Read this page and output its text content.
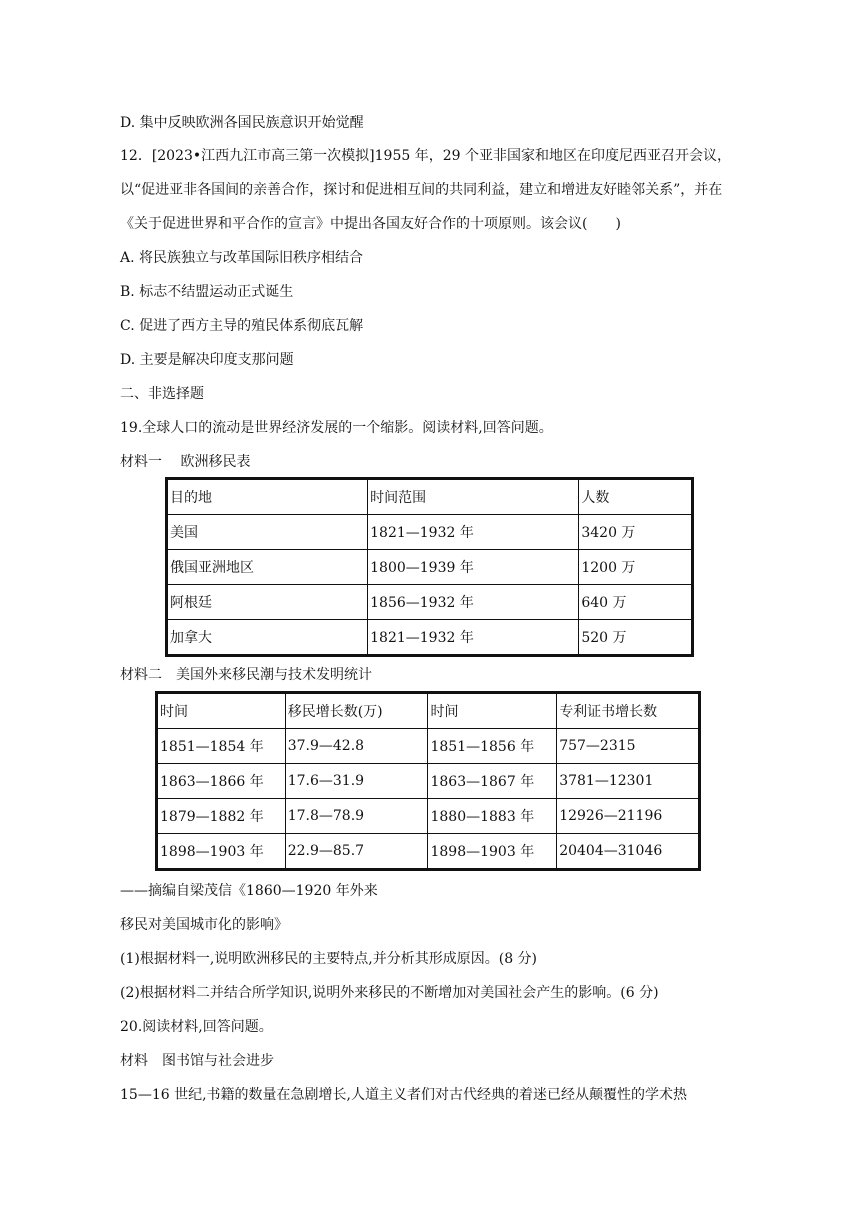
D. 集中反映欧洲各国民族意识开始觉醒
12．[2023•江西九江市高三第一次模拟]1955 年，29 个亚非国家和地区在印度尼西亚召开会议，以“促进亚非各国间的亲善合作，探讨和促进相互间的共同利益，建立和增进友好睦邻关系”，并在《关于促进世界和平合作的宣言》中提出各国友好合作的十项原则。该会议(　　)
A. 将民族独立与改革国际旧秩序相结合
B. 标志不结盟运动正式诞生
C. 促进了西方主导的殖民体系彻底瓦解
D. 主要是解决印度支那问题
二、非选择题
19.全球人口的流动是世界经济发展的一个缩影。阅读材料,回答问题。
材料一　 欧洲移民表
目的地	时间范围	人数
美国	1821—1932 年	3420 万
俄国亚洲地区	1800—1939 年	1200 万
阿根廷	1856—1932 年	640 万
加拿大	1821—1932 年	520 万
材料二　美国外来移民潮与技术发明统计
时间	移民增长数(万)	时间	专利证书增长数
1851—1854 年	37.9—42.8	1851—1856 年	757—2315
1863—1866 年	17.6—31.9	1863—1867 年	3781—12301
1879—1882 年	17.8—78.9	1880—1883 年	12926—21196
1898—1903 年	22.9—85.7	1898—1903 年	20404—31046
——摘编自梁茂信《1860—1920 年外来
移民对美国城市化的影响》
(1)根据材料一,说明欧洲移民的主要特点,并分析其形成原因。(8 分)
(2)根据材料二并结合所学知识,说明外来移民的不断增加对美国社会产生的影响。(6 分)
20.阅读材料,回答问题。
材料　图书馆与社会进步
15—16 世纪,书籍的数量在急剧增长,人道主义者们对古代经典的着迷已经从颠覆性的学术热
